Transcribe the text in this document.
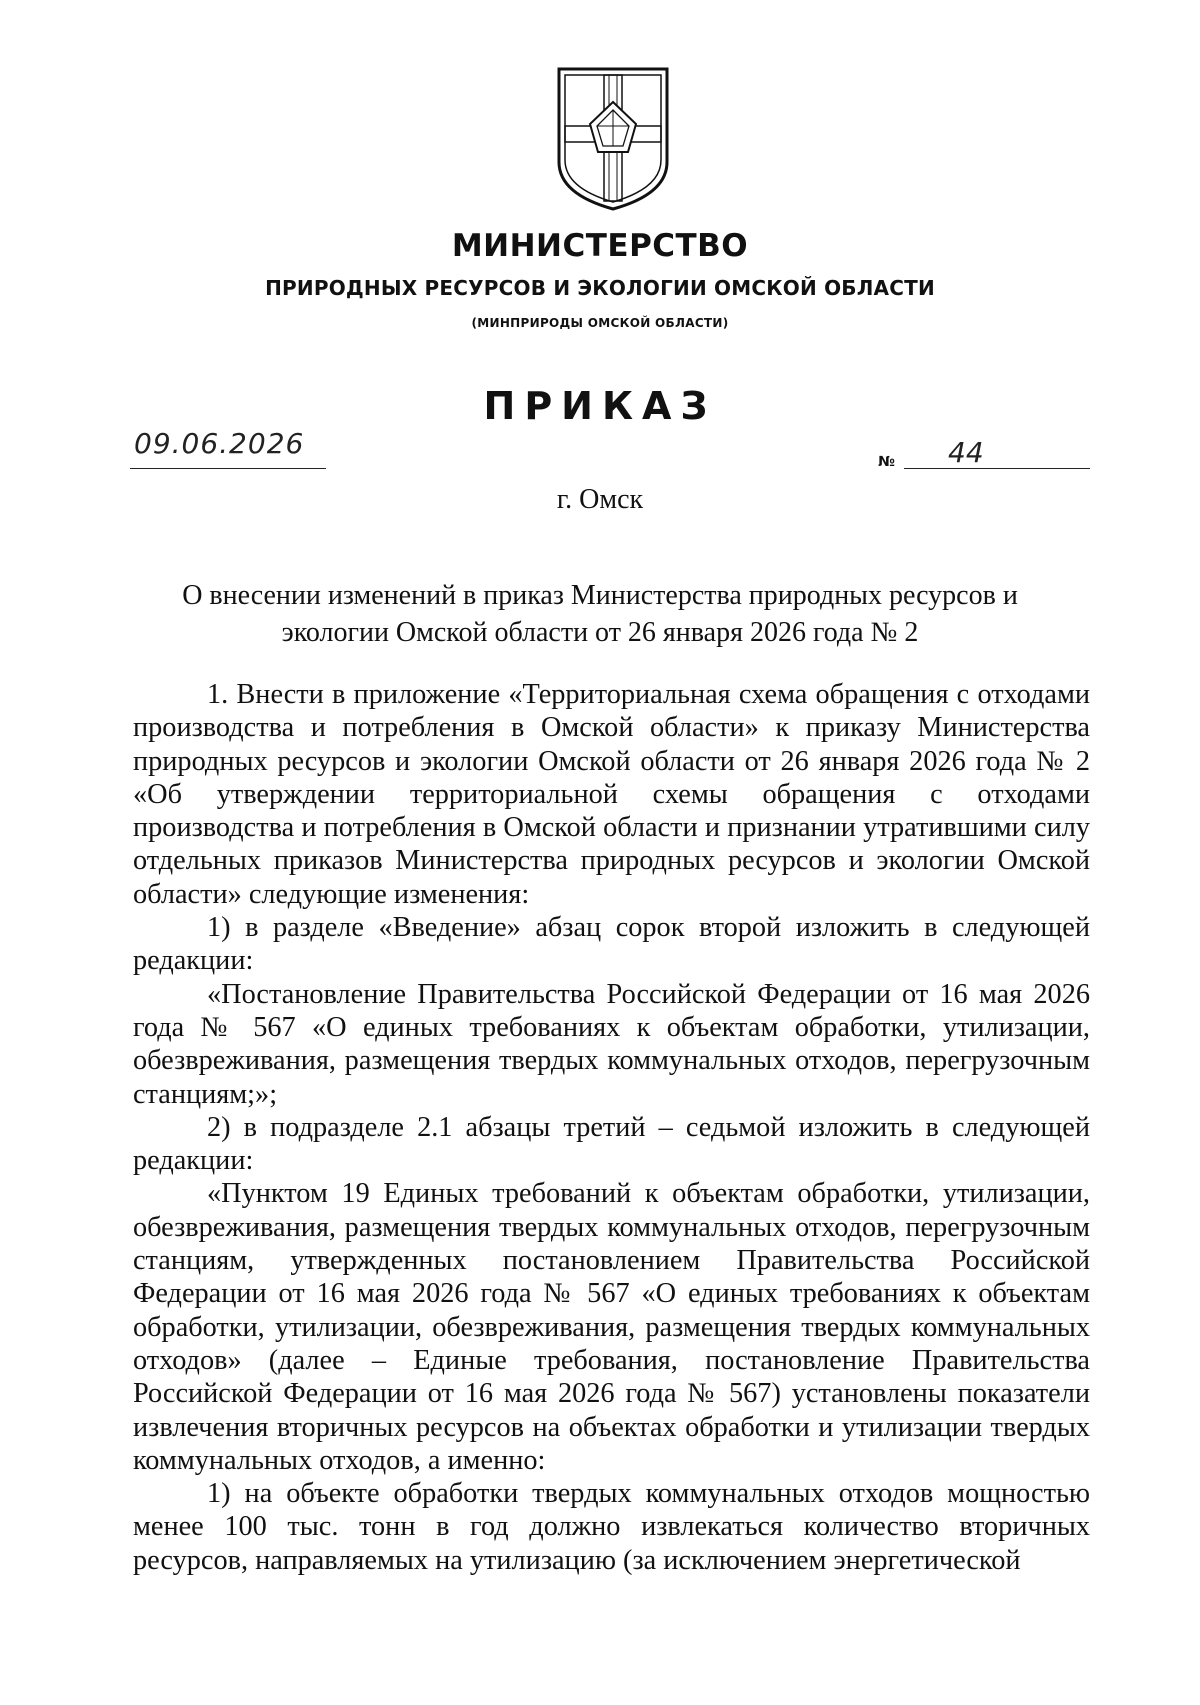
МИНИСТЕРСТВО
ПРИРОДНЫХ РЕСУРСОВ И ЭКОЛОГИИ ОМСКОЙ ОБЛАСТИ
(МИНПРИРОДЫ ОМСКОЙ ОБЛАСТИ)
ПРИКАЗ
09.06.2026
№ 44
г. Омск
О внесении изменений в приказ Министерства природных ресурсов и
экологии Омской области от 26 января 2026 года № 2

1. Внести в приложение «Территориальная схема обращения с отходами производства и потребления в Омской области» к приказу Министерства природных ресурсов и экологии Омской области от 26 января 2026 года № 2 «Об утверждении территориальной схемы обращения с отходами производства и потребления в Омской области и признании утратившими силу отдельных приказов Министерства природных ресурсов и экологии Омской области» следующие изменения:

1) в разделе «Введение» абзац сорок второй изложить в следующей редакции:

«Постановление Правительства Российской Федерации от 16 мая 2026 года № 567 «О единых требованиях к объектам обработки, утилизации, обезвреживания, размещения твердых коммунальных отходов, перегрузочным станциям;»;

2) в подразделе 2.1 абзацы третий – седьмой изложить в следующей редакции:

«Пунктом 19 Единых требований к объектам обработки, утилизации, обезвреживания, размещения твердых коммунальных отходов, перегрузочным станциям, утвержденных постановлением Правительства Российской Федерации от 16 мая 2026 года № 567 «О единых требованиях к объектам обработки, утилизации, обезвреживания, размещения твердых коммунальных отходов» (далее – Единые требования, постановление Правительства Российской Федерации от 16 мая 2026 года № 567) установлены показатели извлечения вторичных ресурсов на объектах обработки и утилизации твердых коммунальных отходов, а именно:

1) на объекте обработки твердых коммунальных отходов мощностью менее 100 тыс. тонн в год должно извлекаться количество вторичных ресурсов, направляемых на утилизацию (за исключением энергетической
